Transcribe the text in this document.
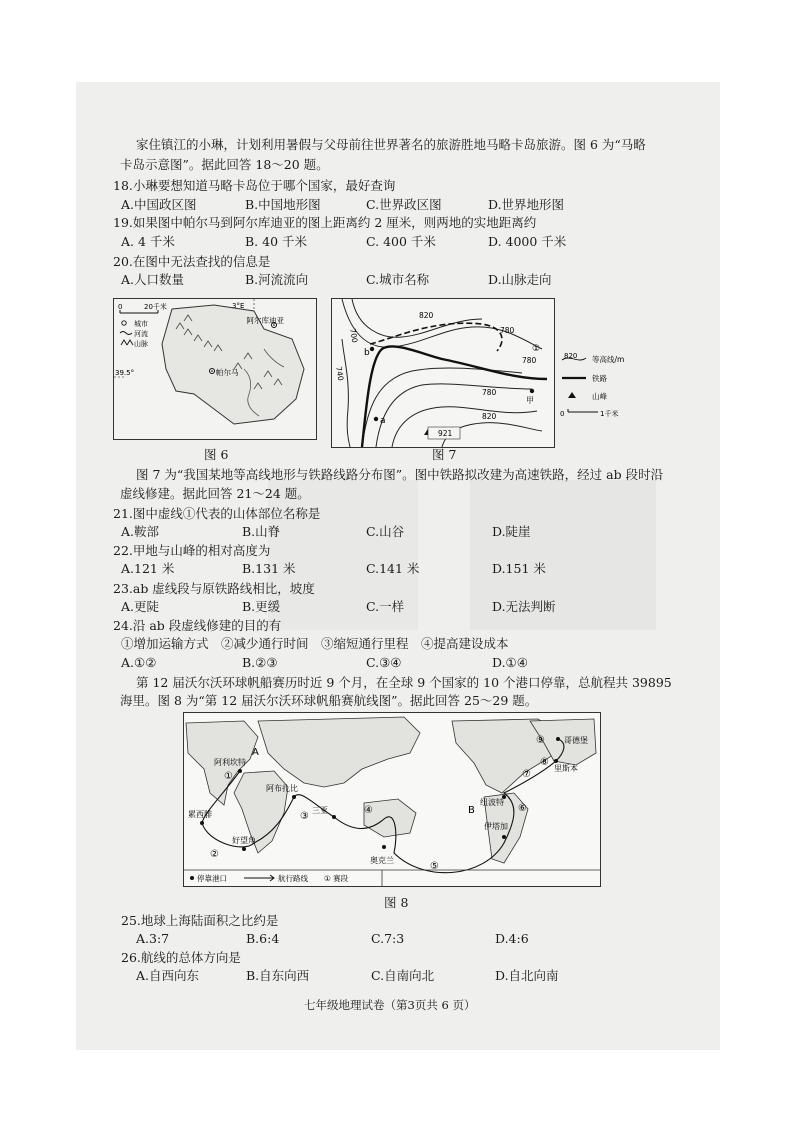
家住镇江的小琳，计划利用暑假与父母前往世界著名的旅游胜地马略卡岛旅游。图 6 为“马略
卡岛示意图”。据此回答 18～20 题。
18.小琳要想知道马略卡岛位于哪个国家，最好查询
A.中国政区图	B.中国地形图	C.世界政区图	D.世界地形图
19.如果图中帕尔马到阿尔库迪亚的图上距离约 2 厘米，则两地的实地距离约
A. 4 千米	B. 40 千米	C. 400 千米	D. 4000 千米
20.在图中无法查找的信息是
A.人口数量	B.河流流向	C.城市名称	D.山脉走向
0	20千米
城市
河流
山脉
3°E
39.5°
阿尔库迪亚
帕尔马
图 6
820
780
700
740
780
820
780
921
a
b
甲
①
820 等高线/m
铁路
山峰
0	1千米
图 7
图 7 为“我国某地等高线地形与铁路线路分布图”。图中铁路拟改建为高速铁路，经过 ab 段时沿
虚线修建。据此回答 21～24 题。
21.图中虚线①代表的山体部位名称是
A.鞍部	B.山脊	C.山谷	D.陡崖
22.甲地与山峰的相对高度为
A.121 米	B.131 米	C.141 米	D.151 米
23.ab 虚线段与原铁路线相比，坡度
A.更陡	B.更缓	C.一样	D.无法判断
24.沿 ab 段虚线修建的目的有
①增加运输方式　②减少通行时间　③缩短通行里程　④提高建设成本
A.①②	B.②③	C.③④	D.①④
第 12 届沃尔沃环球帆船赛历时近 9 个月，在全球 9 个国家的 10 个港口停靠，总航程共 39895
海里。图 8 为“第 12 届沃尔沃环球帆船赛航线图”。据此回答 25～29 题。
阿利坎特
累西腓
好望角
阿布扎比
三亚
奥克兰
伊塔加
纽波特
里斯本
哥德堡
A
B
①
②
③
④
⑤
⑥
⑦
⑧
⑨
停靠港口	航行路线 ① 赛段
图 8
25.地球上海陆面积之比约是
A.3:7	B.6:4	C.7:3	D.4:6
26.航线的总体方向是
A.自西向东	B.自东向西	C.自南向北	D.自北向南
七年级地理试卷（第3页共 6 页）
